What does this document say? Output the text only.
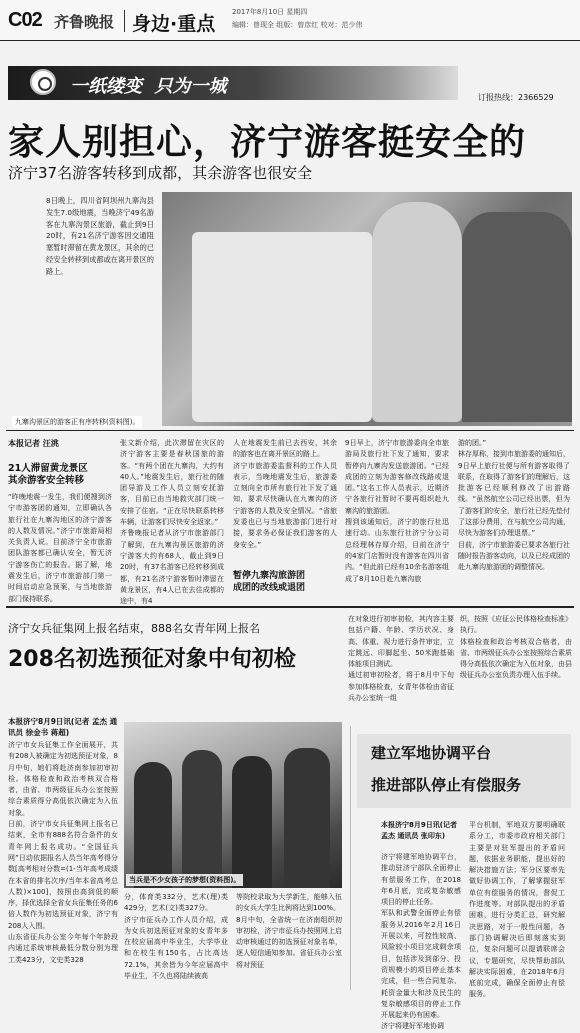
C02 齐鲁晚报 身边·重点
2017年8月10日 星期四
编辑：曾现全 组版：曾彦红 校对：范少伟
一纸缕变  只为一城
订报热线：2366529
家人别担心，济宁游客挺安全的
济宁37名游客转移到成都，其余游客也很安全
8日晚上，四川省阿坝州九寨沟县发生7.0级地震，当晚济宁49名游客在九寨沟景区旅游，截止到9日20时，有21名济宁游客因交通阻塞暂时滞留在黄龙景区，其余的已经安全转移到成都或在离开景区的路上。
九寨沟景区的游客正有序转移(资料图)。
本报记者 汪洮
21人滞留黄龙景区
其余游客安全转移
“昨晚地震一发生，我们便搜到济宁市游客团的通知，立即确认各旅行社在九寨沟地区的济宁游客的人数及情况。”济宁市旅游局相关负责人说。目前济宁全市旅游团队游客都已确认安全，暂无济宁游客伤亡的报告。据了解，地震发生后，济宁市旅游部门第一时间启动应急预案，与当地旅游部门保持联系。
张文新介绍，此次滞留在灾区的济宁游客主要是春秋国旅的游客。“有两个团在九寨沟，大约有40人。”地震发生后，旅行社的随团导游及工作人员立刻安抚游客，目前已由当地救灾部门统一安排了住宿。“正在尽快联系转移车辆，让游客们尽快安全返家。”
齐鲁晚报记者从济宁市旅游部门了解到，在九寨沟景区旅游的济宁游客大约有68人，截止到9日20时，有37名游客已经转移到成都，有21名济宁游客暂时滞留在黄龙景区，有4人已在去往成都的途中，有4
人在地震发生前已去西安，其余的游客也在离开景区的路上。
济宁市旅游委监督科的工作人员表示，当晚地震发生后，旅游委立刻向全市所有旅行社下发了通知，要求尽快确认在九寨沟的济宁游客的人数及安全情况。“省旅发委也已与当地旅游部门进行对接，要求务必保证我们游客的人身安全。”
暂停九寨沟旅游团
成团的改线或退团
9日早上，济宁市旅游委向全市旅游局及旅行社下发了通知，要求暂停向九寨沟发送旅游团。“已经成团的立刻为游客修改线路或退团。”这名工作人员表示，近期济宁各旅行社暂时不要再组织赴九寨沟的旅游团。
搜到该通知后，济宁的旅行社迅速行动。山东旅行社济宁分公司总经理林存厚介绍，目前在济宁的4家门店暂时没有游客在四川省内。“但此前已经有10余名游客组成了8月10日赴九寨沟旅
游的团。”
林存厚称，接到市旅游委的通知后，9日早上旅行社便与所有游客取得了联系，在取得了游客们的理解后，这批游客已经顺利修改了出游路线。“虽然航空公司已经出票，但为了游客们的安全，旅行社已经先垫付了这部分费用，在与航空公司沟通，尽快为游客们办理退票。”
目前，济宁市旅游委已要求各旅行社随时报告游客动向，以及已经成团的赴九寨沟旅游团的调整情况。
济宁女兵征集网上报名结束，888名女青年网上报名
208名初选预征对象中旬初检
在对象进行初审初检，其内容主要包括户籍、年龄、学历状况、身高、体重、视力进行条件审定，立定跳远、印脚起坐、50米跑基础体能项目测试。
通过初审初检者，将于8月中下旬参加体格检查，女青年体检由省征兵办公室统一组
织，按照《应征公民体格检查标准》执行。
体格检查和政治考核双合格者，由省、市两级征兵办公室按照综合素质得分高低依次确定为入伍对象，由县级征兵办公室负责办理入伍手续。
本报济宁8月9日讯(记者 孟杰 通讯员 徐金书 蒋超)
济宁市女兵征集工作全面展开，共有208人被确定为初选预征对象，8月中旬，她们将赴济南参加初审初检。体格检查和政治考核双合格者，由省、市两级征兵办公室按照综合素质得分高低依次确定为入伍对象。
日前，济宁市女兵征集网上报名已结束，全市有888名符合条件的女青年网上报名成功。“全国征兵网”日动依据报名人员当年高考得分数[高考相对分数=(1-当年高考成绩在本省的排名次序/当年本省高考总人数)×100]，按照由高到低的顺序，择优选择全省女兵征集任务的6倍人数作为初选预征对象，济宁有208人入围。
山东省征兵办公室今年每个年龄段内通过系统审核最低分数分别为理工类423分，文史类328
当兵是不少女孩子的梦想(资料图)。
分，体育类332分，艺术(理)类429分，艺术(文)类327分。
济宁市征兵办工作人员介绍，成为女兵初选预征对象的女青年多在校应届高中毕业生，大学毕业和在校生有150名，占比高达72.1%，其余皆为今年应届高中毕业生，不久也将陆续被高
等院校录取为大学新生，能够入伍的女兵大学生比例将达到100%。
8月中旬，全省统一在济南组织初审初检，济宁市征兵办按照网上启动审核通过的初选预征对象名单，逐人短信通知参加。省征兵办公室将对预征
建立军地协调平台
推进部队停止有偿服务
本报济宁8月9日讯(记者 孟杰 通讯员 张印东)
济宁将建军地协调平台，推动驻济宁部队全面停止有偿服务工作，在2018年6月底，完成复杂敏感项目的停止任务。
军队和武警全面停止有偿服务从2016年2月16日开展以来，可控性较高、风险较小项目完成剩余项目，包括涉及到部分、投资规模小的项目停止基本完成，但一些合同复杂、耗资金量大和涉及民生的复杂敏感项目的停止工作开展起来仍有困难。
济宁将建好军地协调
平台机制，军地双方要明确联系分工，市委市政府相关部门主要是对驻军提出的矛盾问题，依据业务职能，提出好的解决措施方法；军分区要率先做好协调工作，了解掌握驻军单位有偿服务的情况，督促工作进度等。对部队提出的矛盾困难，进行分类汇总，研究解决思路，对于一般性问题，各部门协调解决后即刻落实到位，复杂问题可以提请联席会议，专题研究，尽快帮助部队解决实际困难，在2018年6月底前完成，确保全面停止有偿服务。
